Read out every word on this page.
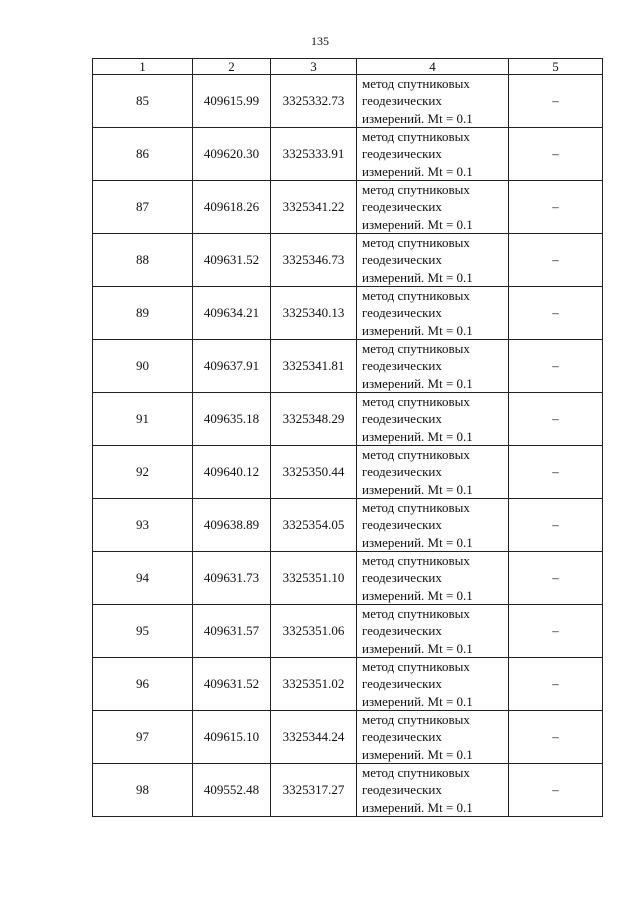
135
1	2	3	4	5
85	409615.99	3325332.73	метод спутниковых
геодезических
измерений. Mt = 0.1	–
86	409620.30	3325333.91	метод спутниковых
геодезических
измерений. Mt = 0.1	–
87	409618.26	3325341.22	метод спутниковых
геодезических
измерений. Mt = 0.1	–
88	409631.52	3325346.73	метод спутниковых
геодезических
измерений. Mt = 0.1	–
89	409634.21	3325340.13	метод спутниковых
геодезических
измерений. Mt = 0.1	–
90	409637.91	3325341.81	метод спутниковых
геодезических
измерений. Mt = 0.1	–
91	409635.18	3325348.29	метод спутниковых
геодезических
измерений. Mt = 0.1	–
92	409640.12	3325350.44	метод спутниковых
геодезических
измерений. Mt = 0.1	–
93	409638.89	3325354.05	метод спутниковых
геодезических
измерений. Mt = 0.1	–
94	409631.73	3325351.10	метод спутниковых
геодезических
измерений. Mt = 0.1	–
95	409631.57	3325351.06	метод спутниковых
геодезических
измерений. Mt = 0.1	–
96	409631.52	3325351.02	метод спутниковых
геодезических
измерений. Mt = 0.1	–
97	409615.10	3325344.24	метод спутниковых
геодезических
измерений. Mt = 0.1	–
98	409552.48	3325317.27	метод спутниковых
геодезических
измерений. Mt = 0.1	–
